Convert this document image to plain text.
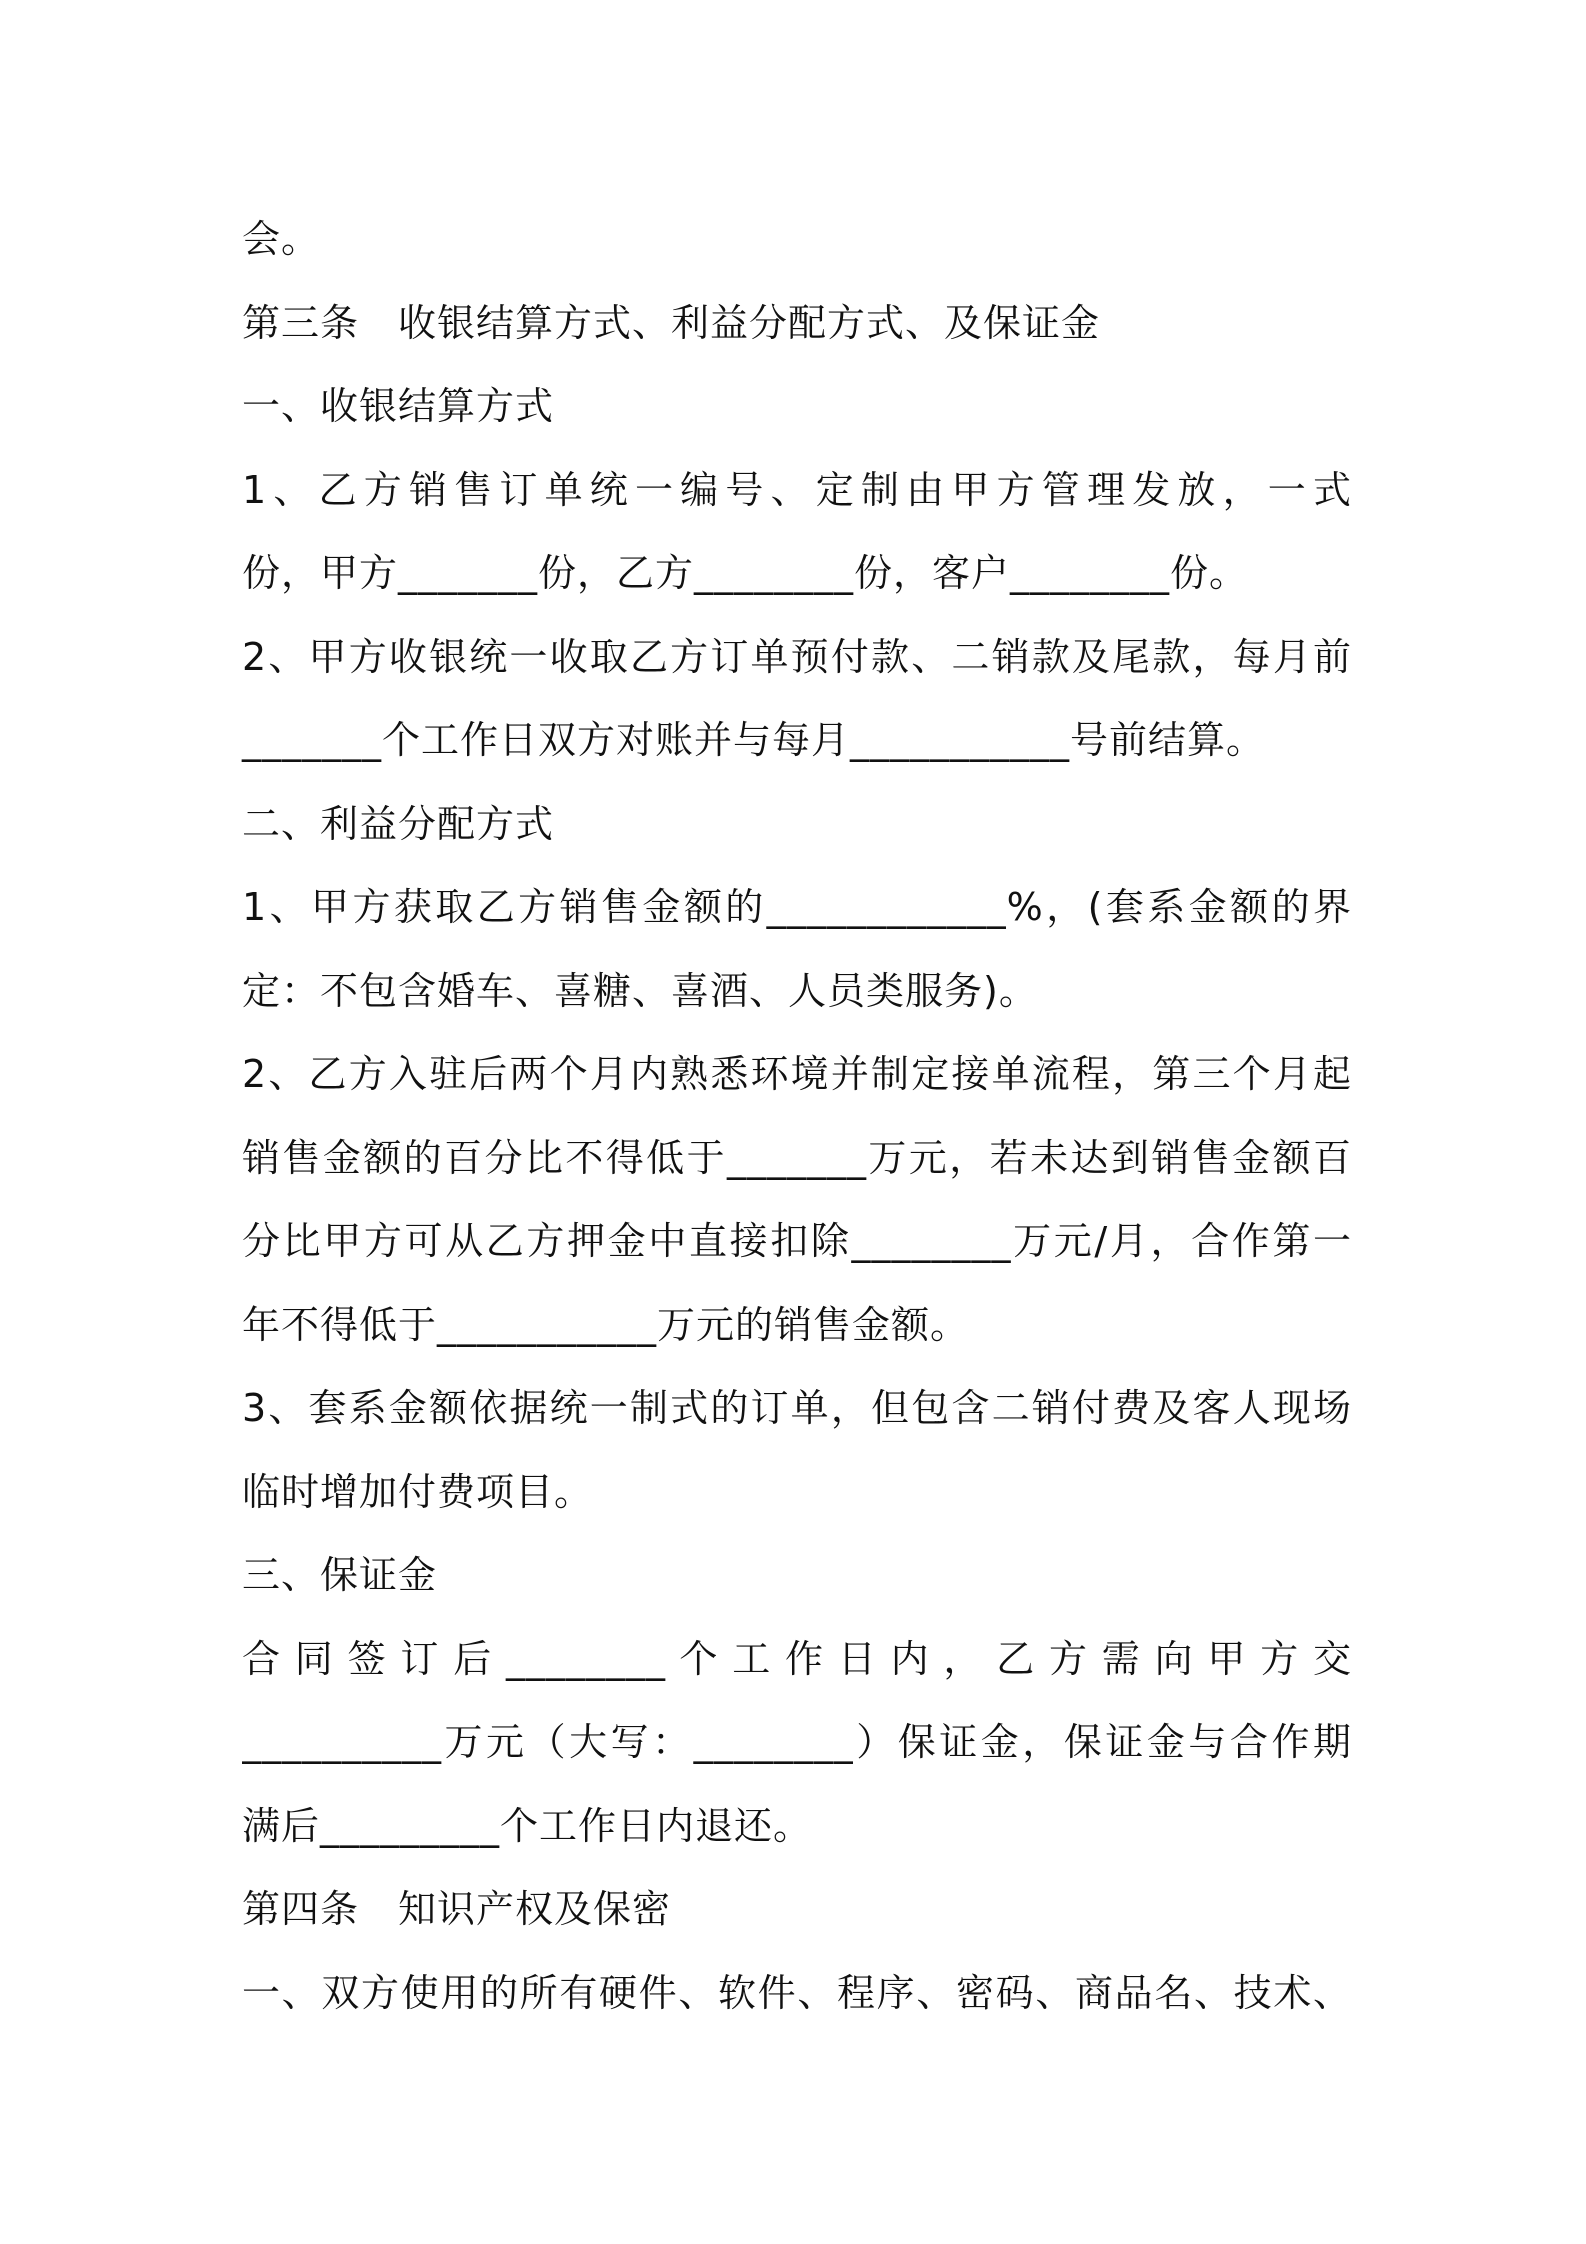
会。
第三条　收银结算方式、利益分配方式、及保证金
一、收银结算方式
1、乙方销售订单统一编号、定制由甲方管理发放，一式
份，甲方_______份，乙方________份，客户________份。
2、甲方收银统一收取乙方订单预付款、二销款及尾款，每月前
_______个工作日双方对账并与每月___________号前结算。
二、利益分配方式
1、甲方获取乙方销售金额的____________%，(套系金额的界
定：不包含婚车、喜糖、喜酒、人员类服务)。
2、乙方入驻后两个月内熟悉环境并制定接单流程，第三个月起
销售金额的百分比不得低于_______万元，若未达到销售金额百
分比甲方可从乙方押金中直接扣除________万元/月，合作第一
年不得低于___________万元的销售金额。
3、套系金额依据统一制式的订单，但包含二销付费及客人现场
临时增加付费项目。
三、保证金
合 同 签 订 后 ________ 个 工 作 日 内 ， 乙 方 需 向 甲 方 交
__________万元（大写：________）保证金，保证金与合作期
满后_________个工作日内退还。
第四条　知识产权及保密
一、双方使用的所有硬件、软件、程序、密码、商品名、技术、
